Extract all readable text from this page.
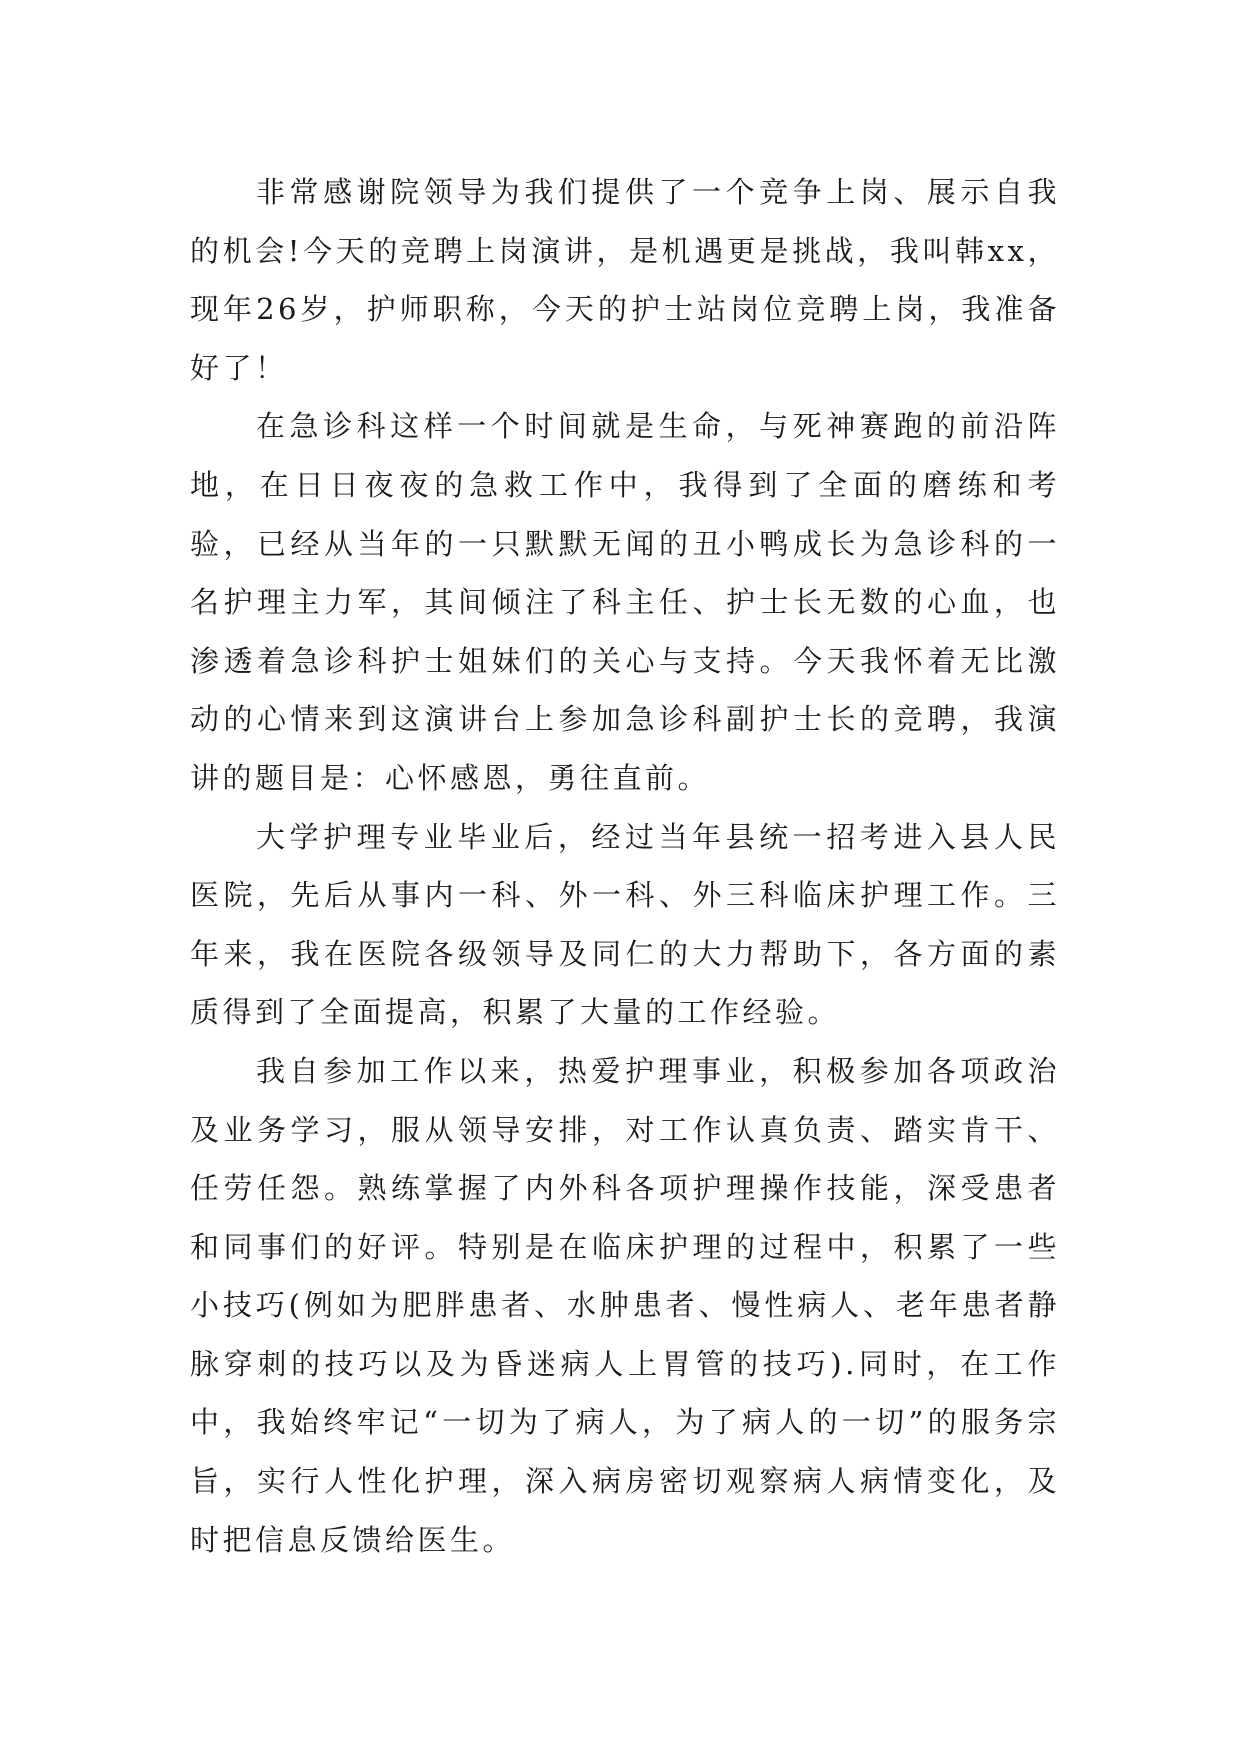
非常感谢院领导为我们提供了一个竞争上岗、展示自我的机会!今天的竞聘上岗演讲，是机遇更是挑战，我叫韩xx，现年26岁，护师职称，今天的护士站岗位竞聘上岗，我准备好了！

在急诊科这样一个时间就是生命，与死神赛跑的前沿阵地，在日日夜夜的急救工作中，我得到了全面的磨练和考验，已经从当年的一只默默无闻的丑小鸭成长为急诊科的一名护理主力军，其间倾注了科主任、护士长无数的心血，也渗透着急诊科护士姐妹们的关心与支持。今天我怀着无比激动的心情来到这演讲台上参加急诊科副护士长的竞聘，我演讲的题目是：心怀感恩，勇往直前。

大学护理专业毕业后，经过当年县统一招考进入县人民医院，先后从事内一科、外一科、外三科临床护理工作。三年来，我在医院各级领导及同仁的大力帮助下，各方面的素质得到了全面提高，积累了大量的工作经验。

我自参加工作以来，热爱护理事业，积极参加各项政治及业务学习，服从领导安排，对工作认真负责、踏实肯干、任劳任怨。熟练掌握了内外科各项护理操作技能，深受患者和同事们的好评。特别是在临床护理的过程中，积累了一些小技巧(例如为肥胖患者、水肿患者、慢性病人、老年患者静脉穿刺的技巧以及为昏迷病人上胃管的技巧).同时，在工作中，我始终牢记“一切为了病人，为了病人的一切”的服务宗旨，实行人性化护理，深入病房密切观察病人病情变化，及时把信息反馈给医生。
